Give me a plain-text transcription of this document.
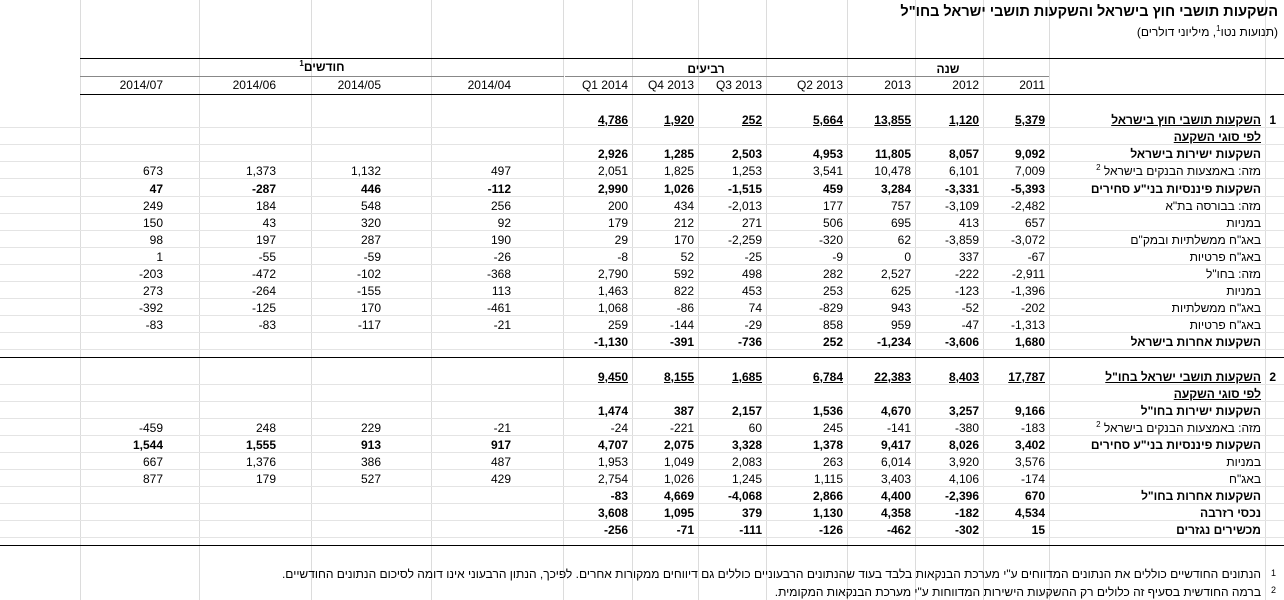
השקעות תושבי חוץ בישראל והשקעות תושבי ישראל בחו"ל
(תנועות נטו$^1$, מיליוני דולרים)
שנה
רביעים
חודשים$^1$
2011
2012
2013
Q2 2013
Q3 2013
Q4 2013
Q1 2014
2014/04
2014/05
2014/06
2014/07
1
השקעות תושבי חוץ בישראל
5,379
1,120
13,855
5,664
252
1,920
4,786
לפי סוגי השקעה
השקעות ישירות בישראל
9,092
8,057
11,805
4,953
2,503
1,285
2,926
מזה: באמצעות הבנקים בישראל $^2$
7,009
6,101
10,478
3,541
1,253
1,825
2,051
497
1,132
1,373
673
השקעות פיננסיות בני"ע סחירים
-5,393
-3,331
3,284
459
-1,515
1,026
2,990
-112
446
-287
47
מזה: בבורסה בת"א
-2,482
-3,109
757
177
-2,013
434
200
256
548
184
249
במניות
657
413
695
506
271
212
179
92
320
43
150
באג"ח ממשלתיות ובמק"ם
-3,072
-3,859
62
-320
-2,259
170
29
190
287
197
98
באג"ח פרטיות
-67
337
0
-9
-25
52
-8
-26
-59
-55
1
מזה: בחו"ל
-2,911
-222
2,527
282
498
592
2,790
-368
-102
-472
-203
במניות
-1,396
-123
625
253
453
822
1,463
113
-155
-264
273
באג"ח ממשלתיות
-202
-52
943
-829
74
-86
1,068
-461
170
-125
-392
באג"ח פרטיות
-1,313
-47
959
858
-29
-144
259
-21
-117
-83
-83
השקעות אחרות בישראל
1,680
-3,606
-1,234
252
-736
-391
-1,130
2
השקעות תושבי ישראל בחו"ל
17,787
8,403
22,383
6,784
1,685
8,155
9,450
לפי סוגי השקעה
השקעות ישירות בחו"ל
9,166
3,257
4,670
1,536
2,157
387
1,474
מזה: באמצעות הבנקים בישראל $^2$
-183
-380
-141
245
60
-221
-24
-21
229
248
-459
השקעות פיננסיות בני"ע סחירים
3,402
8,026
9,417
1,378
3,328
2,075
4,707
917
913
1,555
1,544
במניות
3,576
3,920
6,014
263
2,083
1,049
1,953
487
386
1,376
667
באג"ח
-174
4,106
3,403
1,115
1,245
1,026
2,754
429
527
179
877
השקעות אחרות בחו"ל
670
-2,396
4,400
2,866
-4,068
4,669
-83
נכסי רזרבה
4,534
-182
4,358
1,130
379
1,095
3,608
מכשירים נגזרים
15
-302
-462
-126
-111
-71
-256
1
הנתונים החודשיים כוללים את הנתונים המדווחים ע"י מערכת הבנקאות בלבד בעוד שהנתונים הרבעוניים כוללים גם דיווחים ממקורות אחרים. לפיכך, הנתון הרבעוני אינו דומה לסיכום הנתונים החודשיים.
2
ברמה החודשית בסעיף זה כלולים רק ההשקעות הישירות המדווחות ע"י מערכת הבנקאות המקומית.
